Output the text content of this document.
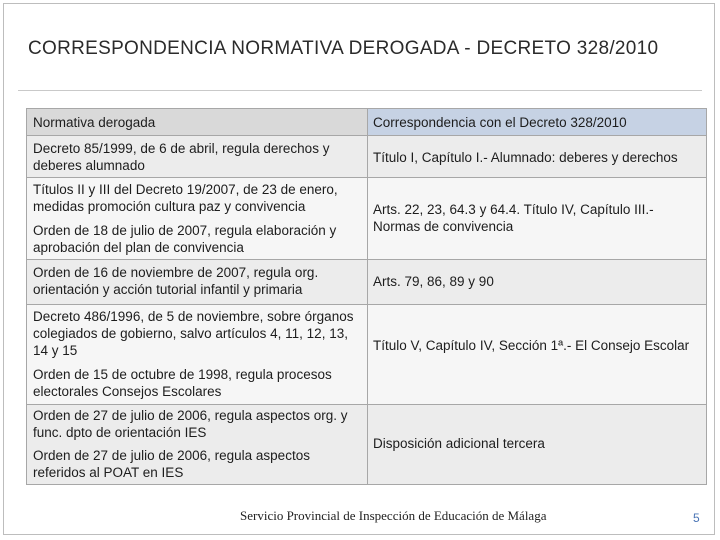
CORRESPONDENCIA NORMATIVA DEROGADA - DECRETO 328/2010
Normativa derogada	Correspondencia con el Decreto 328/2010
Decreto 85/1999, de 6 de abril, regula derechos y deberes alumnado
Título I, Capítulo I.- Alumnado: deberes y derechos
Títulos II y III del Decreto 19/2007, de 23 de enero, medidas promoción cultura paz y convivencia
Orden de 18 de julio de 2007, regula elaboración y aprobación del plan de convivencia
Arts. 22, 23, 64.3 y 64.4. Título IV, Capítulo III.- Normas de convivencia
Orden de 16 de noviembre de 2007, regula org. orientación y acción tutorial infantil y primaria
Arts. 79, 86, 89 y 90
Decreto 486/1996, de 5 de noviembre, sobre órganos colegiados de gobierno, salvo artículos 4, 11, 12, 13, 14 y 15
Orden de 15 de octubre de 1998, regula procesos electorales Consejos Escolares
Título V, Capítulo IV, Sección 1ª.- El Consejo Escolar
Orden de 27 de julio de 2006, regula aspectos org. y func. dpto de orientación IES
Orden de 27 de julio de 2006, regula aspectos referidos al POAT en IES
Disposición adicional tercera
Servicio Provincial de Inspección de Educación de Málaga	5
